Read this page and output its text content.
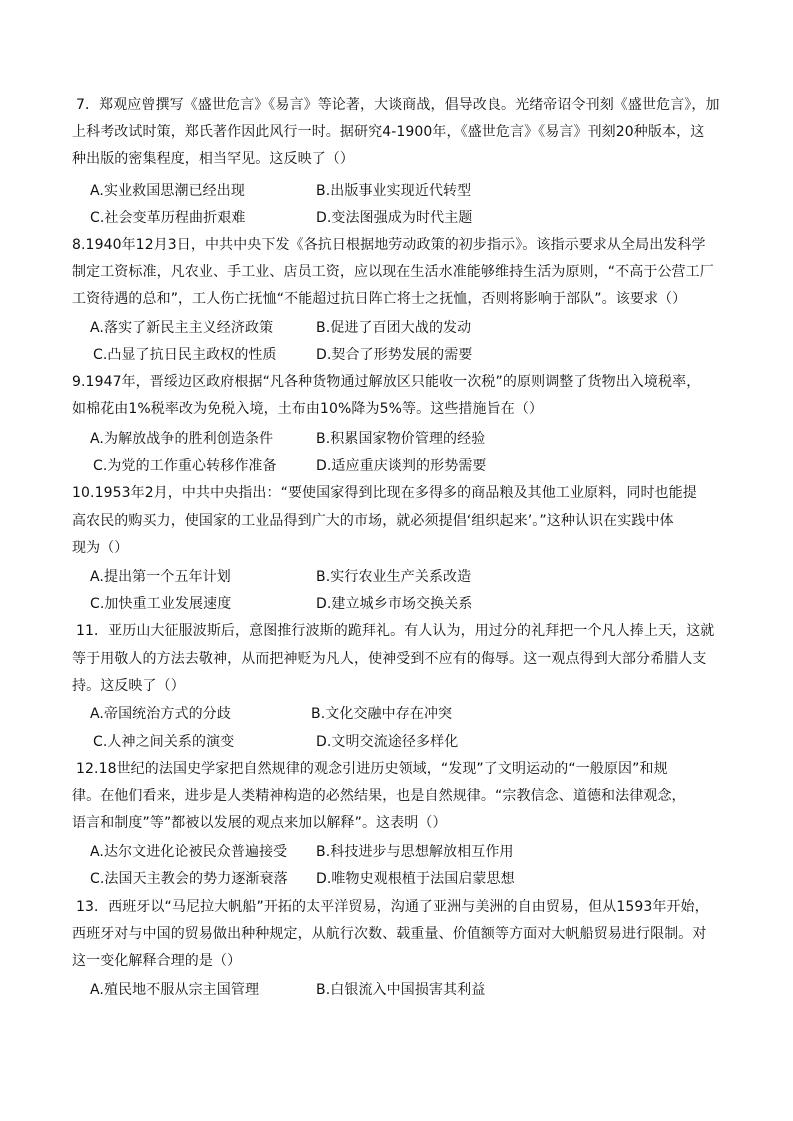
7．郑观应曾撰写《盛世危言》《易言》等论著，大谈商战，倡导改良。光绪帝诏令刊刻《盛世危言》，加
上科考改试时策，郑氏著作因此风行一时。据研究4-1900年，《盛世危言》《易言》刊刻20种版本，这
种出版的密集程度，相当罕见。这反映了（）
A.实业救国思潮已经出现	B.出版事业实现近代转型
C.社会变革历程曲折艰难	D.变法图强成为时代主题
8.1940年12月3日，中共中央下发《各抗日根据地劳动政策的初步指示》。该指示要求从全局出发科学
制定工资标准，凡农业、手工业、店员工资，应以现在生活水准能够维持生活为原则，“不高于公营工厂
工资待遇的总和”，工人伤亡抚恤“不能超过抗日阵亡将士之抚恤，否则将影响于部队”。该要求（）
A.落实了新民主主义经济政策	B.促进了百团大战的发动
C.凸显了抗日民主政权的性质	D.契合了形势发展的需要
9.1947年，晋绥边区政府根据“凡各种货物通过解放区只能收一次税”的原则调整了货物出入境税率，
如棉花由1%税率改为免税入境，土布由10%降为5%等。这些措施旨在（）
A.为解放战争的胜利创造条件	B.积累国家物价管理的经验
C.为党的工作重心转移作准备	D.适应重庆谈判的形势需要
10.1953年2月，中共中央指出：“要使国家得到比现在多得多的商品粮及其他工业原料，同时也能提
高农民的购买力，使国家的工业品得到广大的市场，就必须提倡‘组织起来’。”这种认识在实践中体
现为（）
A.提出第一个五年计划	B.实行农业生产关系改造
C.加快重工业发展速度	D.建立城乡市场交换关系
11．亚历山大征服波斯后，意图推行波斯的跪拜礼。有人认为，用过分的礼拜把一个凡人捧上天，这就
等于用敬人的方法去敬神，从而把神贬为凡人，使神受到不应有的侮辱。这一观点得到大部分希腊人支
持。这反映了（）
A.帝国统治方式的分歧	B.文化交融中存在冲突
C.人神之间关系的演变	D.文明交流途径多样化
12.18世纪的法国史学家把自然规律的观念引进历史领域，“发现”了文明运动的“一般原因”和规
律。在他们看来，进步是人类精神构造的必然结果，也是自然规律。“宗教信念、道德和法律观念，
语言和制度”等”都被以发展的观点来加以解释”。这表明（）
A.达尔文进化论被民众普遍接受 B.科技进步与思想解放相互作用
C.法国天主教会的势力逐渐衰落 D.唯物史观根植于法国启蒙思想
13．西班牙以“马尼拉大帆船”开拓的太平洋贸易，沟通了亚洲与美洲的自由贸易，但从1593年开始，
西班牙对与中国的贸易做出种种规定，从航行次数、载重量、价值额等方面对大帆船贸易进行限制。对
这一变化解释合理的是（）
A.殖民地不服从宗主国管理	B.白银流入中国损害其利益
